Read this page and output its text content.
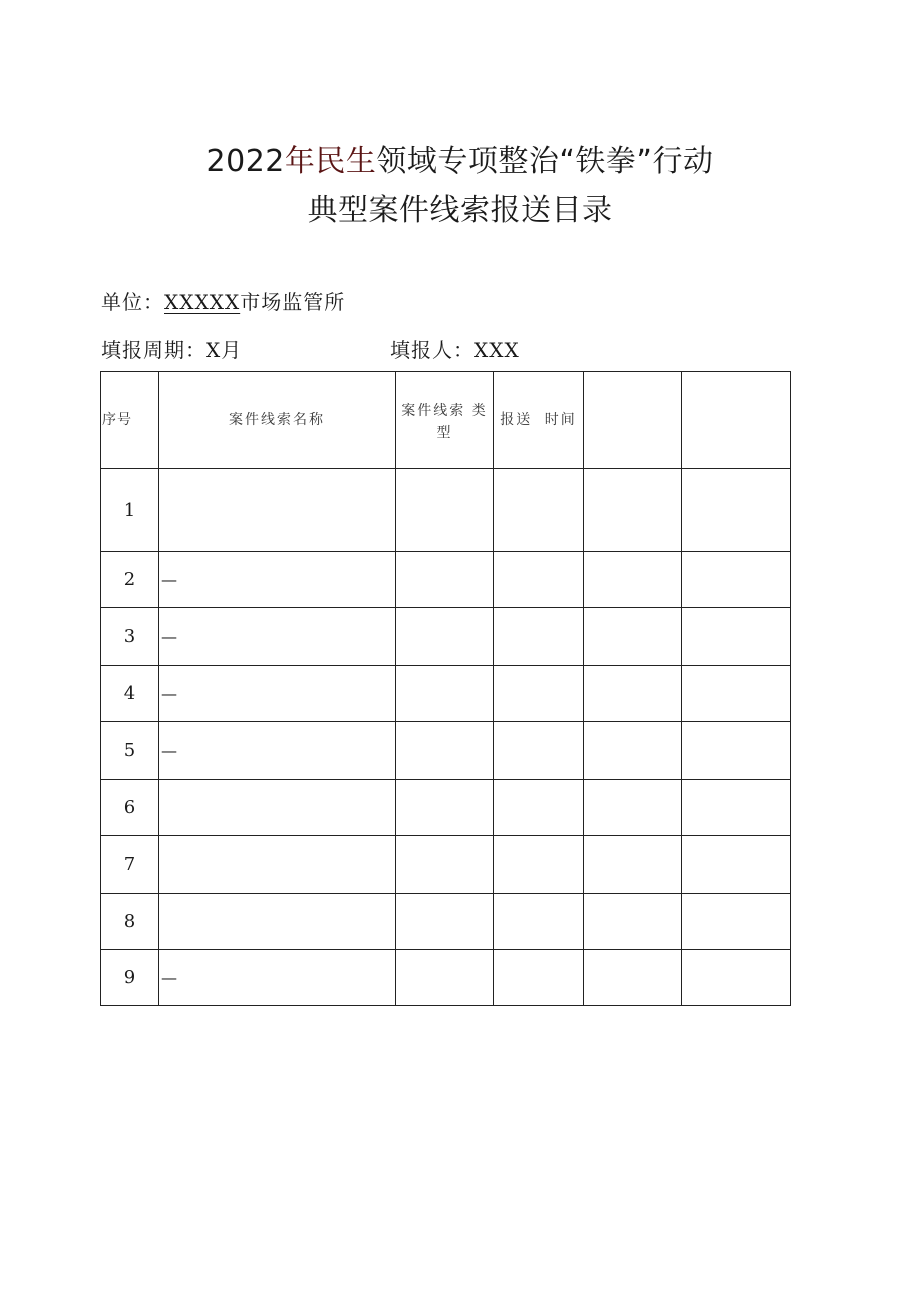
2022年民生领域专项整治“铁拳”行动
典型案件线索报送目录
单位：XXXXX市场监管所
填报周期：X月	填报人：XXX
序号	案件线索名称	案件线索 类型	报送 时间		
1					
2	—				
3	—				
4	—				
5	—				
6					
7					
8					
9	—				
